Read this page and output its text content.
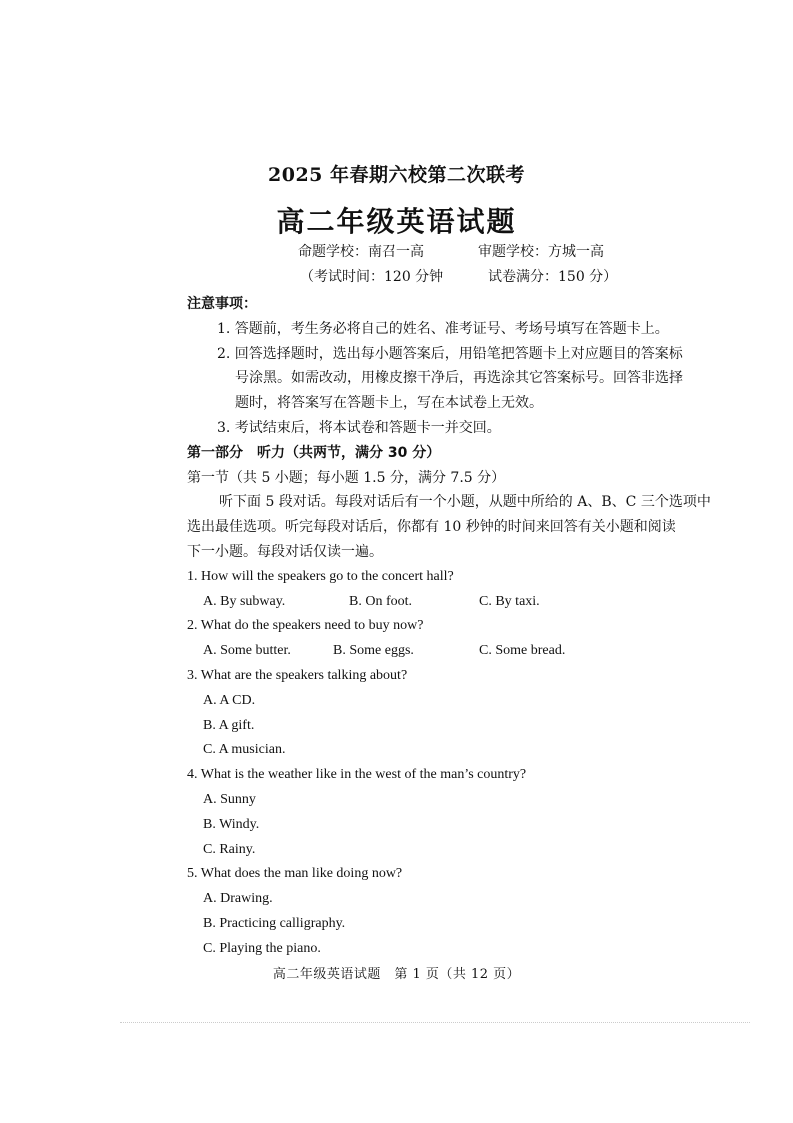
2025 年春期六校第二次联考
高二年级英语试题
命题学校：南召一高	审题学校：方城一高
（考试时间：120 分钟	试卷满分：150 分）
注意事项：
1. 答题前，考生务必将自己的姓名、准考证号、考场号填写在答题卡上。
2. 回答选择题时，选出每小题答案后，用铅笔把答题卡上对应题目的答案标
号涂黑。如需改动，用橡皮擦干净后，再选涂其它答案标号。回答非选择
题时，将答案写在答题卡上，写在本试卷上无效。
3. 考试结束后，将本试卷和答题卡一并交回。
第一部分　听力（共两节，满分 30 分）
第一节（共 5 小题；每小题 1.5 分，满分 7.5 分）
听下面 5 段对话。每段对话后有一个小题，从题中所给的 A、B、C 三个选项中
选出最佳选项。听完每段对话后，你都有 10 秒钟的时间来回答有关小题和阅读
下一小题。每段对话仅读一遍。
1. How will the speakers go to the concert hall?
A. By subway.	B. On foot.	C. By taxi.
2. What do the speakers need to buy now?
A. Some butter.	B. Some eggs.	C. Some bread.
3. What are the speakers talking about?
A. A CD.
B. A gift.
C. A musician.
4. What is the weather like in the west of the man’s country?
A. Sunny
B. Windy.
C. Rainy.
5. What does the man like doing now?
A. Drawing.
B. Practicing calligraphy.
C. Playing the piano.
高二年级英语试题　第 1 页（共 12 页）
